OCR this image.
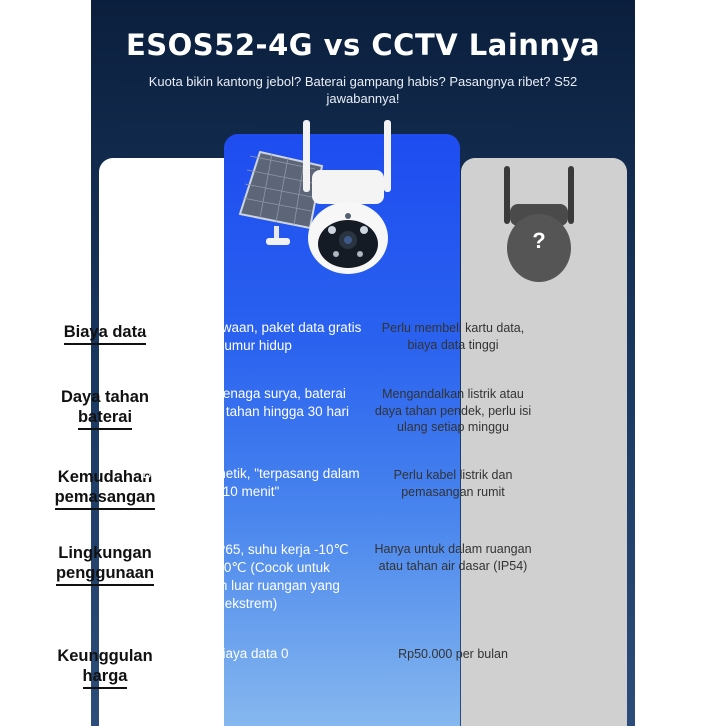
ESOS52-4G vs CCTV Lainnya
Kuota bikin kantong jebol? Baterai gampang habis? Pasangnya ribet? S52 jawabannya!
?
Biaya data
Kartu data bawaan, paket data gratis seumur hidup
Perlu membeli kartu data, biaya data tinggi
Daya tahan
baterai
Pengisian tenaga surya, baterai 10500mAh, tahan hingga 30 hari
Mengandalkan listrik atau daya tahan pendek, perlu isi ulang setiap minggu
Kemudahan
pemasangan
Bracket magnetik, "terpasang dalam 10 menit"
Perlu kabel listrik dan pemasangan rumit
Lingkungan
penggunaan
Tahan air IP65, suhu kerja -10℃ hingga 50℃ (Cocok untuk lingkungan luar ruangan yang ekstrem)
Hanya untuk dalam ruangan atau tahan air dasar (IP54)
Keunggulan
harga
Biaya data 0	Rp50.000 per bulan
